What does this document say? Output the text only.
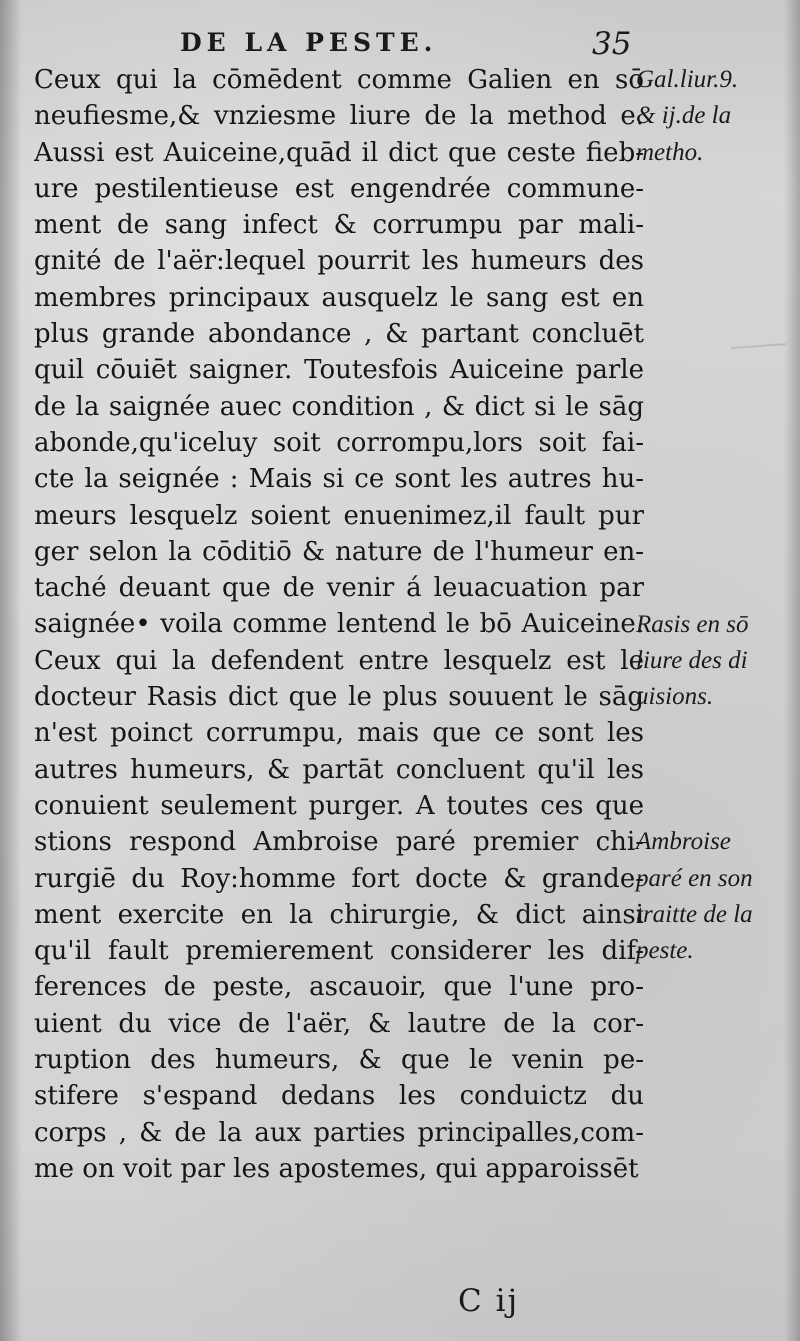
DE LA PESTE.	35
Ceux qui la cōmēdent comme Galien en sō
neufiesme,& vnziesme liure de la method e.
Aussi est Auiceine,quād il dict que ceste fieb-
ure pestilentieuse est engendrée commune-
ment de sang infect & corrumpu par mali-
gnité de l'aër:lequel pourrit les humeurs des
membres principaux ausquelz le sang est en
plus grande abondance , & partant concluēt
quil cōuiēt saigner. Toutesfois Auiceine parle
de la saignée auec condition , & dict si le sāg
abonde,qu'iceluy soit corrompu,lors soit fai-
cte la seignée : Mais si ce sont les autres hu-
meurs lesquelz soient enuenimez,il fault pur
ger selon la cōditiō & nature de l'humeur en-
taché deuant que de venir á leuacuation par
saignée• voila comme lentend le bō Auiceine.
Ceux qui la defendent entre lesquelz est le
docteur Rasis dict que le plus souuent le sāg
n'est poinct corrumpu, mais que ce sont les
autres humeurs, & partāt concluent qu'il les
conuient seulement purger. A toutes ces que
stions respond Ambroise paré premier chi-
rurgiē du Roy:homme fort docte & grande-
ment exercite en la chirurgie, & dict ainsi
qu'il fault premierement considerer les dif-
ferences de peste, ascauoir, que l'une pro-
uient du vice de l'aër, & lautre de la cor-
ruption des humeurs, & que le venin pe-
stifere s'espand dedans les conduictz du
corps , & de la aux parties principalles,com-
me on voit par les apostemes, qui apparoissēt
Gal.liur.9.
& ij.de la
metho.
Rasis en sō
liure des di
uisions.
Ambroise
paré en son
traitte de la
peste.
C ij
